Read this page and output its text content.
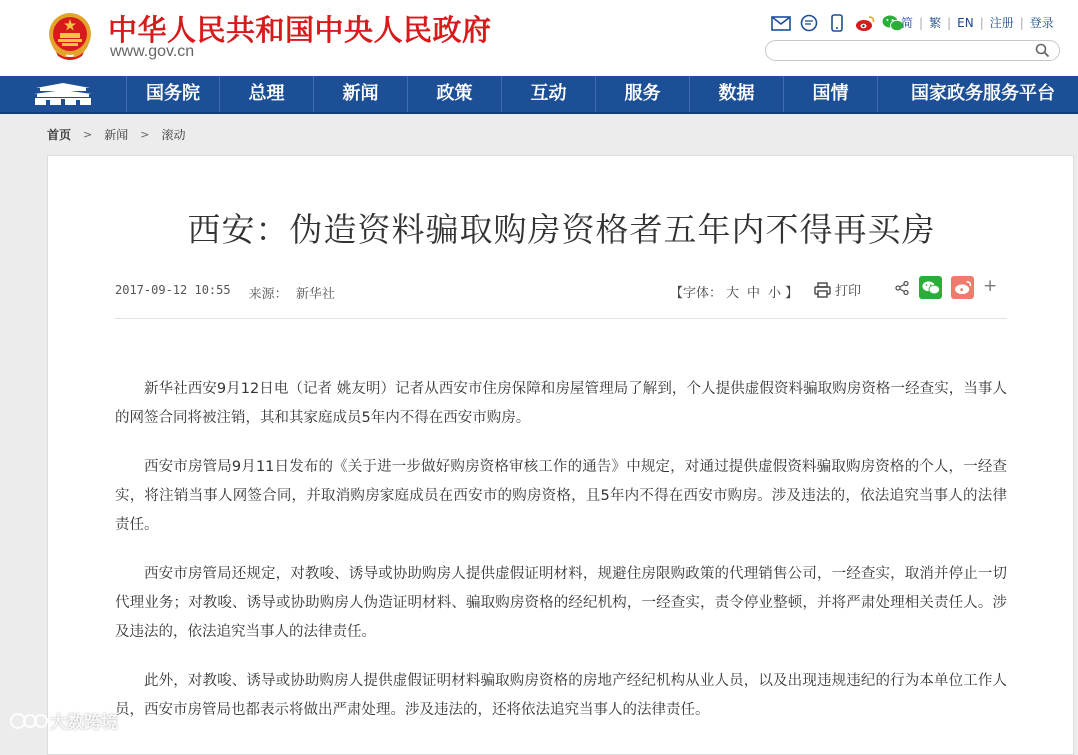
中华人民共和国中央人民政府
www.gov.cn
简 | 繁 | EN | 注册 | 登录
国务院	总理	新闻	政策	互动	服务	数据	国情	国家政务服务平台
首页 > 新闻 > 滚动
西安：伪造资料骗取购房资格者五年内不得再买房
2017-09-12 10:55 来源： 新华社	【字体： 大 中 小 】	打印	+

新华社西安9月12日电（记者 姚友明）记者从西安市住房保障和房屋管理局了解到，个人提供虚假资料骗取购房资格一经查实，当事人的网签合同将被注销，其和其家庭成员5年内不得在西安市购房。

西安市房管局9月11日发布的《关于进一步做好购房资格审核工作的通告》中规定，对通过提供虚假资料骗取购房资格的个人，一经查实，将注销当事人网签合同，并取消购房家庭成员在西安市的购房资格，且5年内不得在西安市购房。涉及违法的，依法追究当事人的法律责任。

西安市房管局还规定，对教唆、诱导或协助购房人提供虚假证明材料，规避住房限购政策的代理销售公司，一经查实，取消并停止一切代理业务；对教唆、诱导或协助购房人伪造证明材料、骗取购房资格的经纪机构，一经查实，责令停业整顿，并将严肃处理相关责任人。涉及违法的，依法追究当事人的法律责任。

此外，对教唆、诱导或协助购房人提供虚假证明材料骗取购房资格的房地产经纪机构从业人员，以及出现违规违纪的行为本单位工作人员，西安市房管局也都表示将做出严肃处理。涉及违法的，还将依法追究当事人的法律责任。

大数跨境
